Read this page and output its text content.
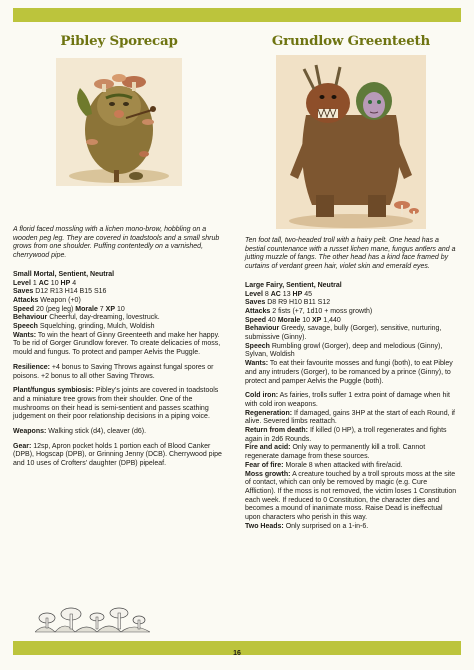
Pibley Sporecap

A florid faced mossling with a lichen mono-brow, hobbling on a wooden peg leg. They are covered in toadstools and a small shrub grows from one shoulder. Puffing contentedly on a varnished, cherrywood pipe.

Small Mortal, Sentient, Neutral
Level 1 AC 10 HP 4
Saves D12 R13 H14 B15 S16
Attacks Weapon (+0)
Speed 20 (peg leg) Morale 7 XP 10
Behaviour Cheerful, day-dreaming, lovestruck.
Speech Squelching, grinding, Mulch, Woldish
Wants: To win the heart of Ginny Greenteeth and make her happy. To be rid of Gorger Grundlow forever. To create delicacies of moss, mould and fungus. To protect and pamper Aelvis the Puggle.
Resilience: +4 bonus to Saving Throws against fungal spores or poisons. +2 bonus to all other Saving Throws.
Plant/fungus symbiosis: Pibley’s joints are covered in toadstools and a miniature tree grows from their shoulder. One of the mushrooms on their head is semi-sentient and passes scathing judgement on their poor relationship decisions in a piping voice.
Weapons: Walking stick (d4), cleaver (d6).
Gear: 12sp, Apron pocket holds 1 portion each of Blood Canker (DPB), Hogscap (DPB), or Grinning Jenny (DCB). Cherrywood pipe and 10 uses of Crofters’ daughter (DPB) pipeleaf.
Grundlow Greenteeth

Ten foot tall, two-headed troll with a hairy pelt. One head has a bestial countenance with a russet lichen mane, fungus antlers and a jutting muzzle of fangs. The other head has a kind face framed by curtains of verdant green hair, violet skin and emerald eyes.

Large Fairy, Sentient, Neutral
Level 8 AC 13 HP 45
Saves D8 R9 H10 B11 S12
Attacks 2 fists (+7, 1d10 + moss growth)
Speed 40 Morale 10 XP 1,440
Behaviour Greedy, savage, bully (Gorger), sensitive, nurturing, submissive (Ginny).
Speech Rumbling growl (Gorger), deep and melodious (Ginny), Sylvan, Woldish
Wants: To eat their favourite mosses and fungi (both), to eat Pibley and any intruders (Gorger), to be romanced by a prince (Ginny), to protect and pamper Aelvis the Puggle (both).
Cold iron: As fairies, trolls suffer 1 extra point of damage when hit with cold iron weapons.
Regeneration: If damaged, gains 3HP at the start of each Round, if alive. Severed limbs reattach.
Return from death: If killed (0 HP), a troll regenerates and fights again in 2d6 Rounds.
Fire and acid: Only way to permanently kill a troll. Cannot regenerate damage from these sources.
Fear of fire: Morale 8 when attacked with fire/acid.
Moss growth: A creature touched by a troll sprouts moss at the site of contact, which can only be removed by magic (e.g. Cure Affliction). If the moss is not removed, the victim loses 1 Constitution each week. If reduced to 0 Constitution, the character dies and becomes a mound of inanimate moss. Raise Dead is ineffectual upon characters who perish in this way.
Two Heads: Only surprised on a 1-in-6.
16
